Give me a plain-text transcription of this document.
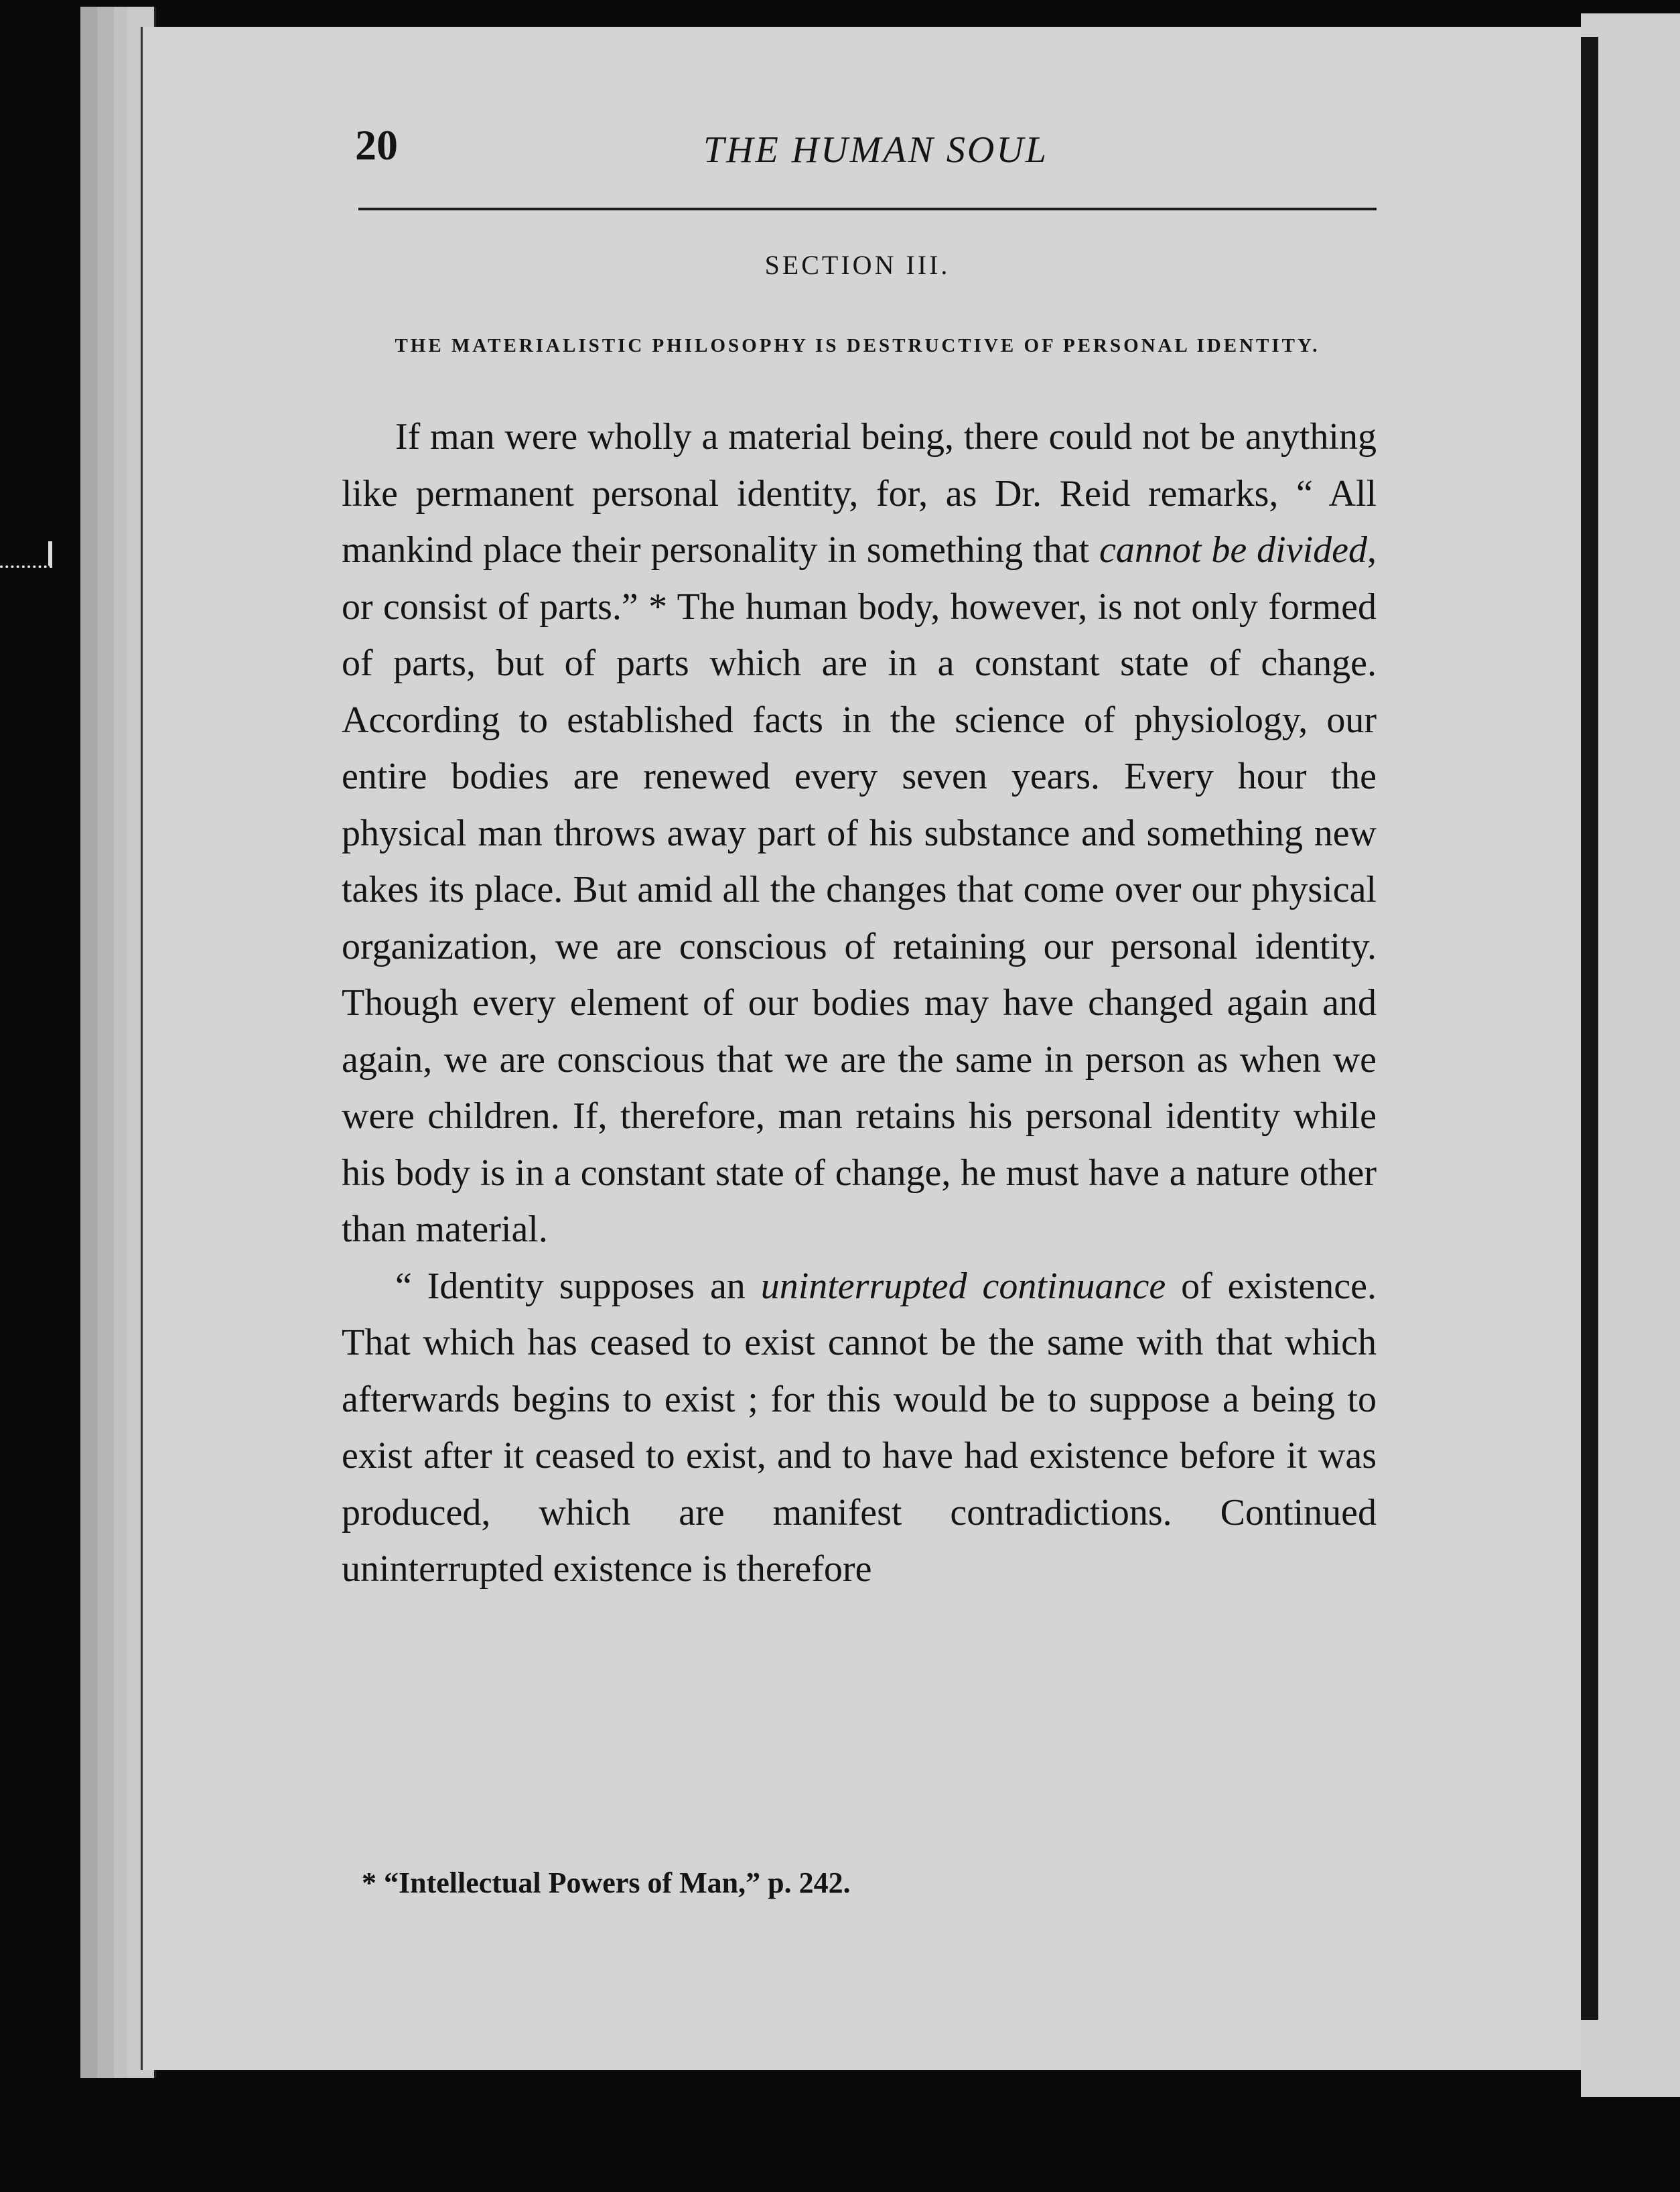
20	THE HUMAN SOUL
SECTION III.
THE MATERIALISTIC PHILOSOPHY IS DESTRUCTIVE OF PERSONAL IDENTITY.

If man were wholly a material being, there could not be anything like permanent personal identity, for, as Dr. Reid remarks, “ All mankind place their personality in something that cannot be divided, or consist of parts.” * The human body, however, is not only formed of parts, but of parts which are in a constant state of change. According to established facts in the science of physiology, our entire bodies are renewed every seven years. Every hour the physical man throws away part of his substance and something new takes its place. But amid all the changes that come over our physical organization, we are conscious of retaining our personal identity. Though every element of our bodies may have changed again and again, we are conscious that we are the same in person as when we were children. If, therefore, man retains his personal identity while his body is in a constant state of change, he must have a nature other than material.

“ Identity supposes an uninterrupted continuance of existence. That which has ceased to exist cannot be the same with that which afterwards begins to exist ; for this would be to suppose a being to exist after it ceased to exist, and to have had existence before it was produced, which are manifest contradictions. Continued uninterrupted existence is therefore

* “Intellectual Powers of Man,” p. 242.
